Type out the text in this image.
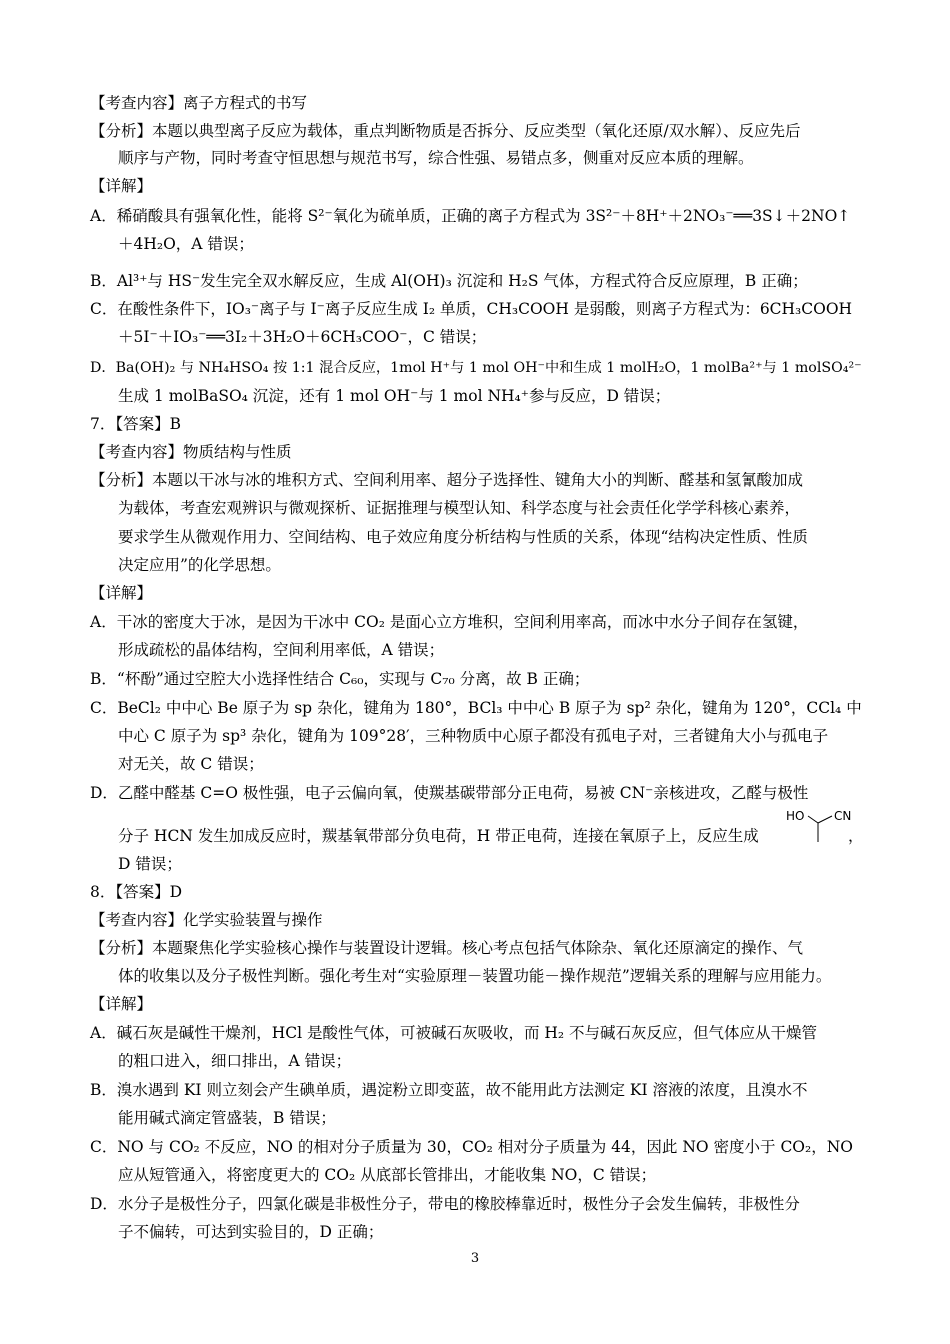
【考查内容】离子方程式的书写
【分析】本题以典型离子反应为载体，重点判断物质是否拆分、反应类型（氧化还原/双水解）、反应先后
顺序与产物，同时考查守恒思想与规范书写，综合性强、易错点多，侧重对反应本质的理解。
【详解】
A．稀硝酸具有强氧化性，能将 S²⁻氧化为硫单质，正确的离子方程式为 3S²⁻＋8H⁺＋2NO₃⁻══3S↓＋2NO↑
＋4H₂O，A 错误；
B．Al³⁺与 HS⁻发生完全双水解反应，生成 Al(OH)₃ 沉淀和 H₂S 气体，方程式符合反应原理，B 正确；
C．在酸性条件下，IO₃⁻离子与 I⁻离子反应生成 I₂ 单质，CH₃COOH 是弱酸，则离子方程式为：6CH₃COOH
＋5I⁻＋IO₃⁻══3I₂＋3H₂O＋6CH₃COO⁻，C 错误；
D．Ba(OH)₂ 与 NH₄HSO₄ 按 1:1 混合反应，1mol H⁺与 1 mol OH⁻中和生成 1 molH₂O，1 molBa²⁺与 1 molSO₄²⁻
生成 1 molBaSO₄ 沉淀，还有 1 mol OH⁻与 1 mol NH₄⁺参与反应，D 错误；
7．【答案】B
【考查内容】物质结构与性质
【分析】本题以干冰与冰的堆积方式、空间利用率、超分子选择性、键角大小的判断、醛基和氢氰酸加成
为载体，考查宏观辨识与微观探析、证据推理与模型认知、科学态度与社会责任化学学科核心素养，
要求学生从微观作用力、空间结构、电子效应角度分析结构与性质的关系，体现“结构决定性质、性质
决定应用”的化学思想。
【详解】
A．干冰的密度大于冰，是因为干冰中 CO₂ 是面心立方堆积，空间利用率高，而冰中水分子间存在氢键，
形成疏松的晶体结构，空间利用率低，A 错误；
B．“杯酚”通过空腔大小选择性结合 C₆₀，实现与 C₇₀ 分离，故 B 正确；
C．BeCl₂ 中中心 Be 原子为 sp 杂化，键角为 180°，BCl₃ 中中心 B 原子为 sp² 杂化，键角为 120°，CCl₄ 中
中心 C 原子为 sp³ 杂化，键角为 109°28′，三种物质中心原子都没有孤电子对，三者键角大小与孤电子
对无关，故 C 错误；
D．乙醛中醛基 C=O 极性强，电子云偏向氧，使羰基碳带部分正电荷，易被 CN⁻亲核进攻，乙醛与极性
分子 HCN 发生加成反应时，羰基氧带部分负电荷，H 带正电荷，连接在氧原子上，反应生成
HO CN
，
D 错误；
8．【答案】D
【考查内容】化学实验装置与操作
【分析】本题聚焦化学实验核心操作与装置设计逻辑。核心考点包括气体除杂、氧化还原滴定的操作、气
体的收集以及分子极性判断。强化考生对“实验原理－装置功能－操作规范”逻辑关系的理解与应用能力。
【详解】
A．碱石灰是碱性干燥剂，HCl 是酸性气体，可被碱石灰吸收，而 H₂ 不与碱石灰反应，但气体应从干燥管
的粗口进入，细口排出，A 错误；
B．溴水遇到 KI 则立刻会产生碘单质，遇淀粉立即变蓝，故不能用此方法测定 KI 溶液的浓度，且溴水不
能用碱式滴定管盛装，B 错误；
C．NO 与 CO₂ 不反应，NO 的相对分子质量为 30，CO₂ 相对分子质量为 44，因此 NO 密度小于 CO₂，NO
应从短管通入，将密度更大的 CO₂ 从底部长管排出，才能收集 NO，C 错误；
D．水分子是极性分子，四氯化碳是非极性分子，带电的橡胶棒靠近时，极性分子会发生偏转，非极性分
子不偏转，可达到实验目的，D 正确；
3
